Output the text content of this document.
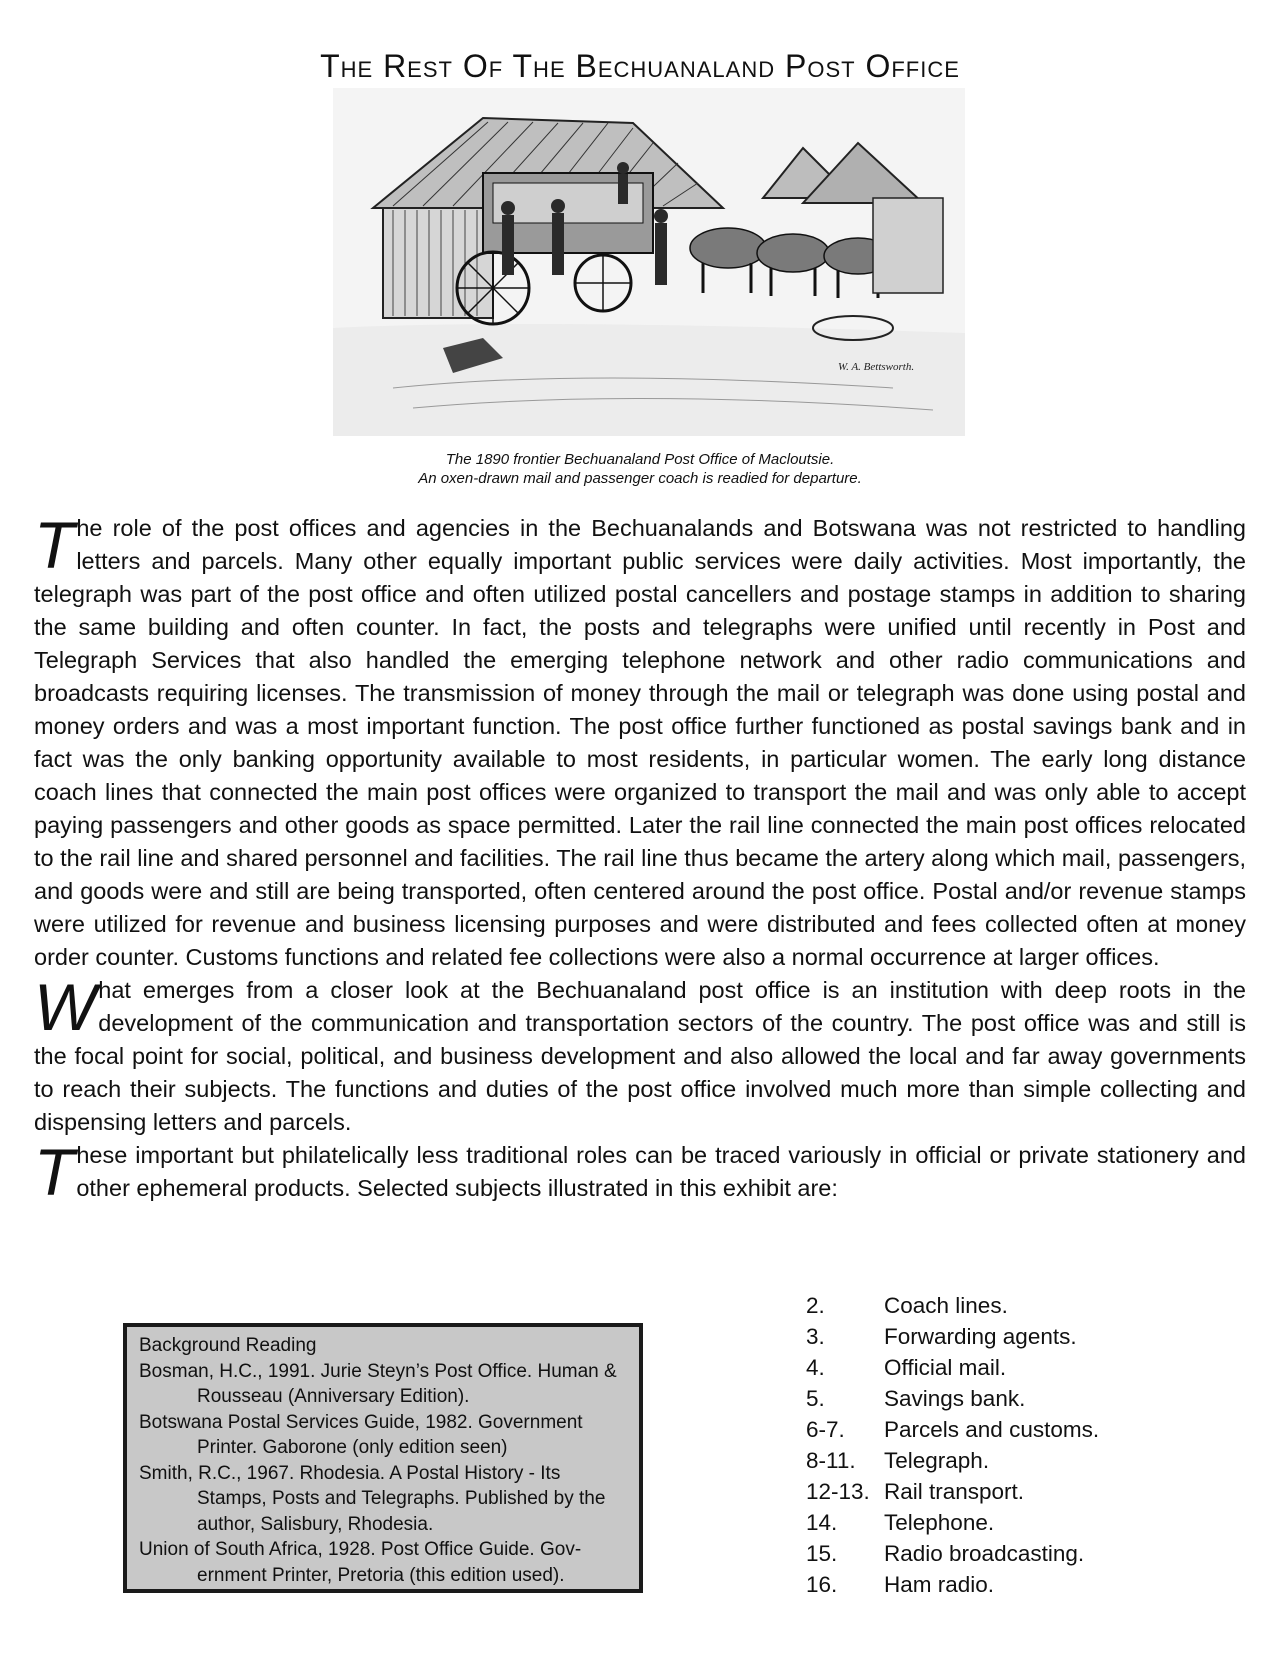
The Rest Of The Bechuanaland Post Office
W. A. Bettsworth.
The 1890 frontier Bechuanaland Post Office of Macloutsie.
An oxen-drawn mail and passenger coach is readied for departure.

The role of the post offices and agencies in the Bechuanalands and Botswana was not restricted to handling letters and parcels. Many other equally important public services were daily activities. Most importantly, the telegraph was part of the post office and often utilized postal cancellers and postage stamps in addition to sharing the same building and often counter. In fact, the posts and telegraphs were unified until recently in Post and Telegraph Services that also handled the emerging telephone network and other radio communications and broadcasts requiring licenses. The transmission of money through the mail or telegraph was done using postal and money orders and was a most important function. The post office further functioned as postal savings bank and in fact was the only banking opportunity available to most residents, in particular women. The early long distance coach lines that connected the main post offices were organized to transport the mail and was only able to accept paying passengers and other goods as space permitted. Later the rail line connected the main post offices relocated to the rail line and shared personnel and facilities. The rail line thus became the artery along which mail, passengers, and goods were and still are being transported, often centered around the post office. Postal and/or revenue stamps were utilized for revenue and business licensing purposes and were distributed and fees collected often at money order counter. Customs functions and related fee collections were also a normal occurrence at larger offices.

What emerges from a closer look at the Bechuanaland post office is an institution with deep roots in the development of the communication and transportation sectors of the country. The post office was and still is the focal point for social, political, and business development and also allowed the local and far away governments to reach their subjects. The functions and duties of the post office involved much more than simple collecting and dispensing letters and parcels.

These important but philatelically less traditional roles can be traced variously in official or private stationery and other ephemeral products. Selected subjects illustrated in this exhibit are:

Background Reading

Bosman, H.C., 1991. Jurie Steyn’s Post Office. Human & Rousseau (Anniversary Edition).

Botswana Postal Services Guide, 1982. Government Printer. Gaborone (only edition seen)

Smith, R.C., 1967. Rhodesia. A Postal History - Its Stamps, Posts and Telegraphs. Published by the author, Salisbury, Rhodesia.

Union of South Africa, 1928. Post Office Guide. Gov-ernment Printer, Pretoria (this edition used).

2.	Coach lines.
3.	Forwarding agents.
4.	Official mail.
5.	Savings bank.
6-7.	Parcels and customs.
8-11.	Telegraph.
12-13. Rail transport.
14.	Telephone.
15.	Radio broadcasting.
16.	Ham radio.
